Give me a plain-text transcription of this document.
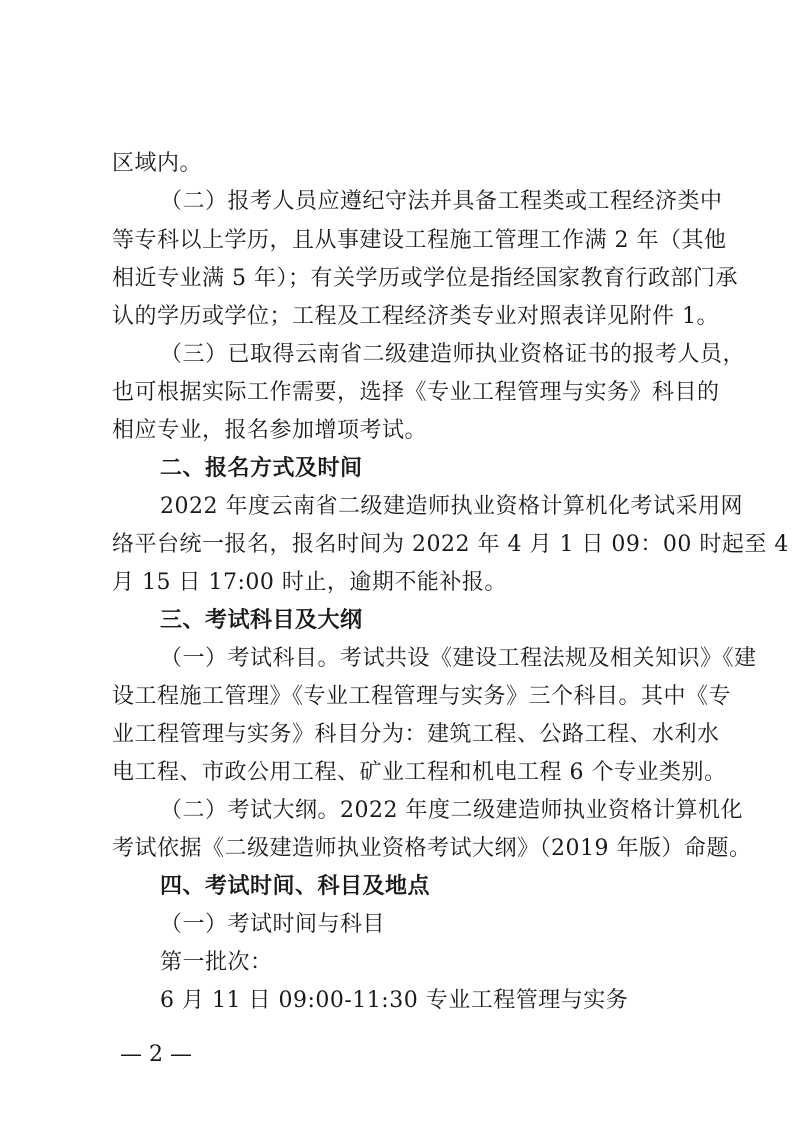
区域内。
（二）报考人员应遵纪守法并具备工程类或工程经济类中
等专科以上学历，且从事建设工程施工管理工作满 2 年（其他
相近专业满 5 年）；有关学历或学位是指经国家教育行政部门承
认的学历或学位；工程及工程经济类专业对照表详见附件 1。
（三）已取得云南省二级建造师执业资格证书的报考人员，
也可根据实际工作需要，选择《专业工程管理与实务》科目的
相应专业，报名参加增项考试。
二、报名方式及时间
2022 年度云南省二级建造师执业资格计算机化考试采用网
络平台统一报名，报名时间为 2022 年 4 月 1 日 09：00 时起至 4
月 15 日 17:00 时止，逾期不能补报。
三、考试科目及大纲
（一）考试科目。考试共设《建设工程法规及相关知识》《建
设工程施工管理》《专业工程管理与实务》三个科目。其中《专
业工程管理与实务》科目分为：建筑工程、公路工程、水利水
电工程、市政公用工程、矿业工程和机电工程 6 个专业类别。
（二）考试大纲。2022 年度二级建造师执业资格计算机化
考试依据《二级建造师执业资格考试大纲》（2019 年版）命题。
四、考试时间、科目及地点
（一）考试时间与科目
第一批次：
6 月 11 日 09:00-11:30 专业工程管理与实务
— 2 —
